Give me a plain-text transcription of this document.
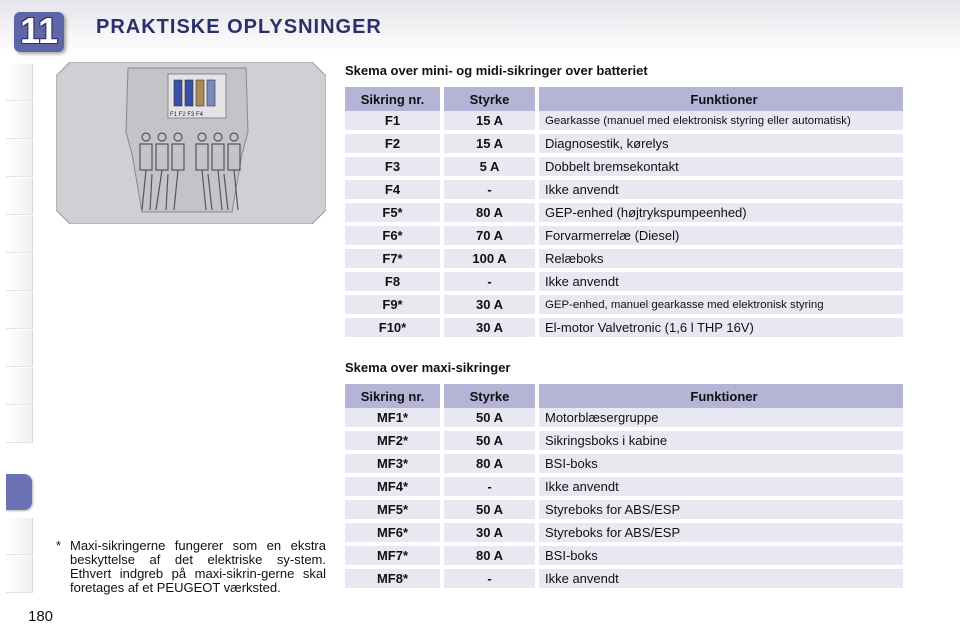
11 PRAKTISKE OPLYSNINGER
F1 F2 F3 F4
Skema over mini- og midi-sikringer over batteriet
Sikring nr.	Styrke	Funktioner
F1	15 A	Gearkasse (manuel med elektronisk styring eller automatisk)
F2	15 A	Diagnosestik, kørelys
F3	5 A	Dobbelt bremsekontakt
F4	-	Ikke anvendt
F5*	80 A	GEP-enhed (højtrykspumpeenhed)
F6*	70 A	Forvarmerrelæ (Diesel)
F7*	100 A	Relæboks
F8	-	Ikke anvendt
F9*	30 A	GEP-enhed, manuel gearkasse med elektronisk styring
F10*	30 A	El-motor Valvetronic (1,6 l THP 16V)
Skema over maxi-sikringer
Sikring nr.	Styrke	Funktioner
MF1*	50 A	Motorblæsergruppe
MF2*	50 A	Sikringsboks i kabine
MF3*	80 A	BSI-boks
MF4*	-	Ikke anvendt
MF5*	50 A	Styreboks for ABS/ESP
MF6*	30 A	Styreboks for ABS/ESP
MF7*	80 A	BSI-boks
MF8*	-	Ikke anvendt
* Maxi-sikringerne fungerer som en ekstra beskyttelse af det elektriske sy-stem. Ethvert indgreb på maxi-sikrin-gerne skal foretages af et PEUGEOT værksted.
180
